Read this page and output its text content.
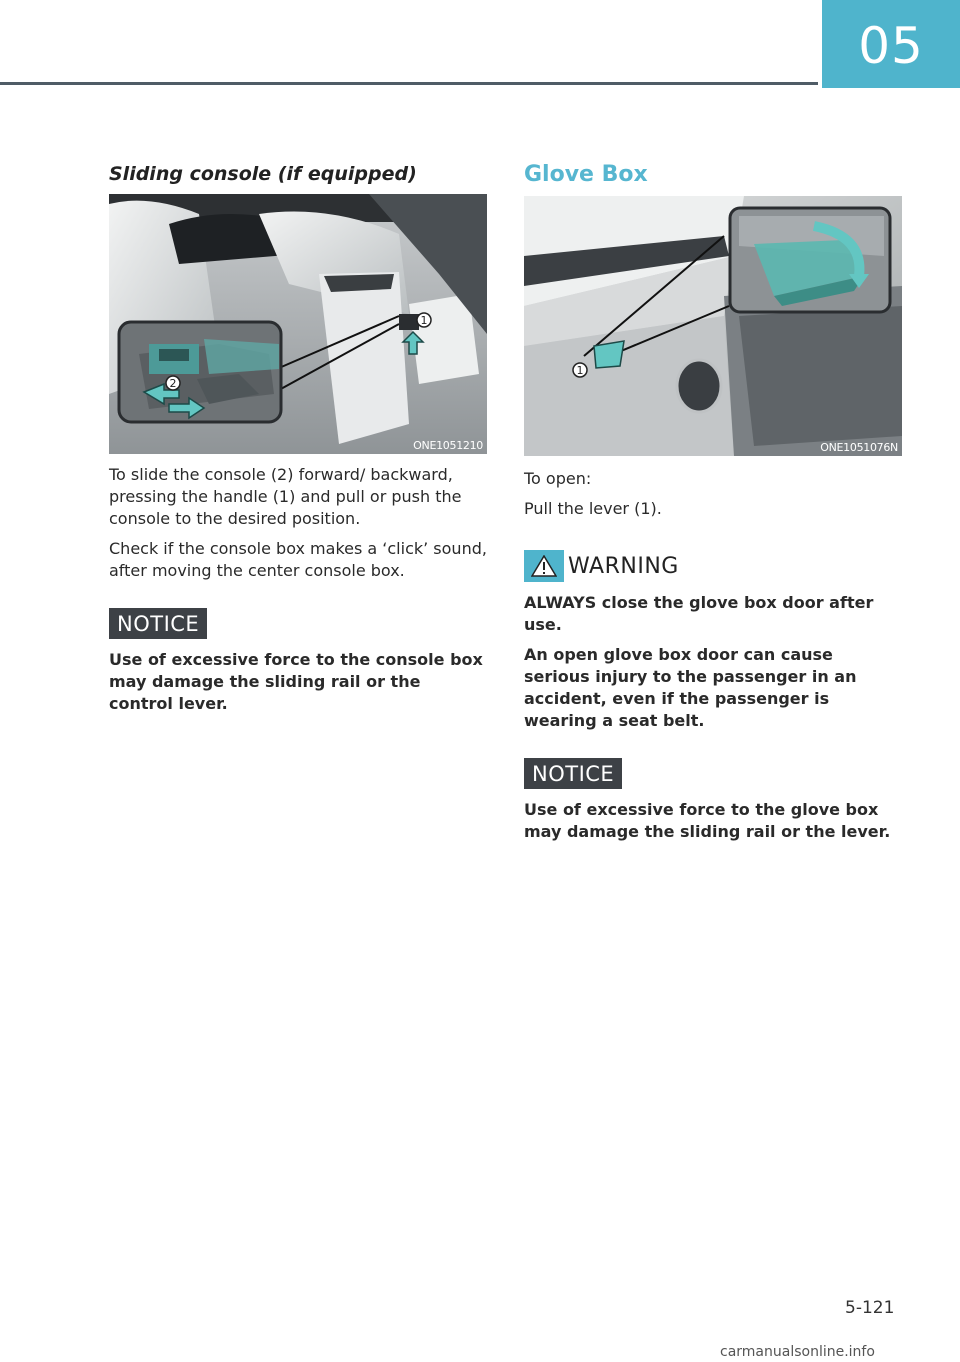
05
Sliding console (if equipped)
2
1
ONE1051210

To slide the console (2) forward/ backward, pressing the handle (1) and pull or push the console to the desired position.

Check if the console box makes a ‘click’ sound, after moving the center console box.

NOTICE

Use of excessive force to the console box may damage the sliding rail or the control lever.

Glove Box
1
ONE1051076N

To open:

Pull the lever (1).

WARNING

ALWAYS close the glove box door after use.

An open glove box door can cause serious injury to the passenger in an accident, even if the passenger is wearing a seat belt.

NOTICE

Use of excessive force to the glove box may damage the sliding rail or the lever.

5-121
carmanualsonline.info
